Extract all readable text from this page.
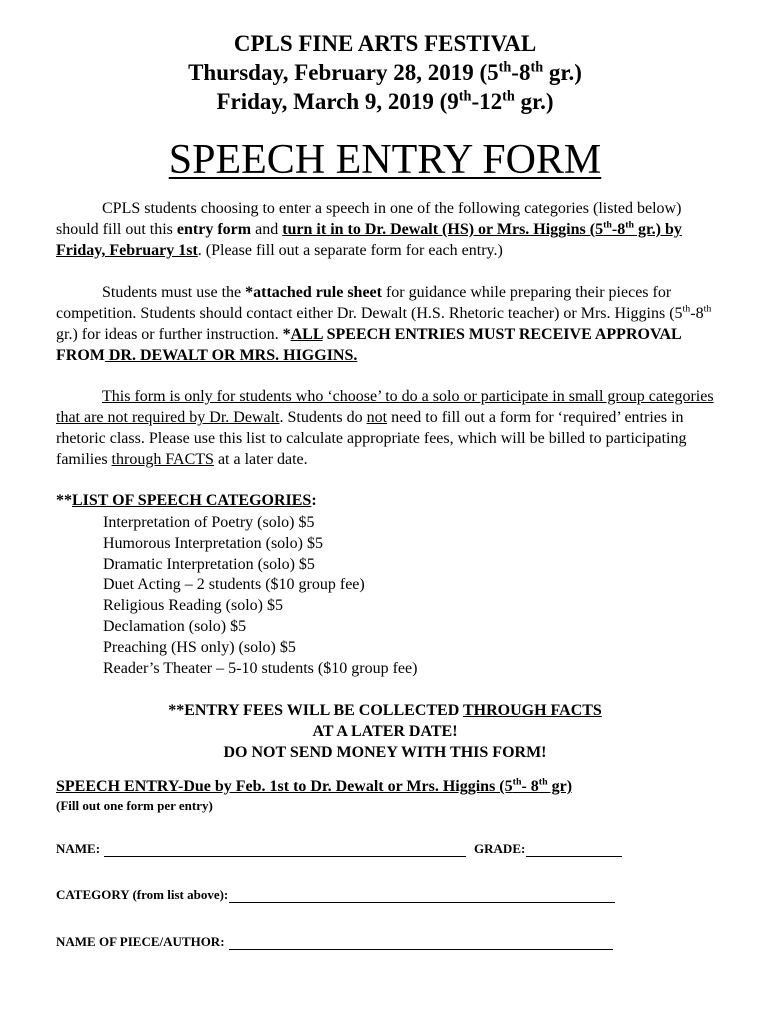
CPLS FINE ARTS FESTIVAL
Thursday, February 28, 2019 (5th-8th gr.)
Friday, March 9, 2019 (9th-12th gr.)
SPEECH ENTRY FORM
CPLS students choosing to enter a speech in one of the following categories (listed below) should fill out this entry form and turn it in to Dr. Dewalt (HS) or Mrs. Higgins (5th-8th gr.) by Friday, February 1st. (Please fill out a separate form for each entry.)
Students must use the *attached rule sheet for guidance while preparing their pieces for competition. Students should contact either Dr. Dewalt (H.S. Rhetoric teacher) or Mrs. Higgins (5th-8th gr.) for ideas or further instruction. *ALL SPEECH ENTRIES MUST RECEIVE APPROVAL FROM DR. DEWALT OR MRS. HIGGINS.
This form is only for students who ‘choose’ to do a solo or participate in small group categories that are not required by Dr. Dewalt. Students do not need to fill out a form for ‘required’ entries in rhetoric class. Please use this list to calculate appropriate fees, which will be billed to participating families through FACTS at a later date.
**LIST OF SPEECH CATEGORIES:
Interpretation of Poetry (solo) $5
Humorous Interpretation (solo) $5
Dramatic Interpretation (solo) $5
Duet Acting – 2 students ($10 group fee)
Religious Reading (solo) $5
Declamation (solo) $5
Preaching (HS only) (solo) $5
Reader’s Theater – 5-10 students ($10 group fee)
**ENTRY FEES WILL BE COLLECTED THROUGH FACTS
AT A LATER DATE!
DO NOT SEND MONEY WITH THIS FORM!
SPEECH ENTRY-Due by Feb. 1st to Dr. Dewalt or Mrs. Higgins (5th- 8th gr)
(Fill out one form per entry)
NAME:	GRADE:
CATEGORY (from list above):
NAME OF PIECE/AUTHOR:
